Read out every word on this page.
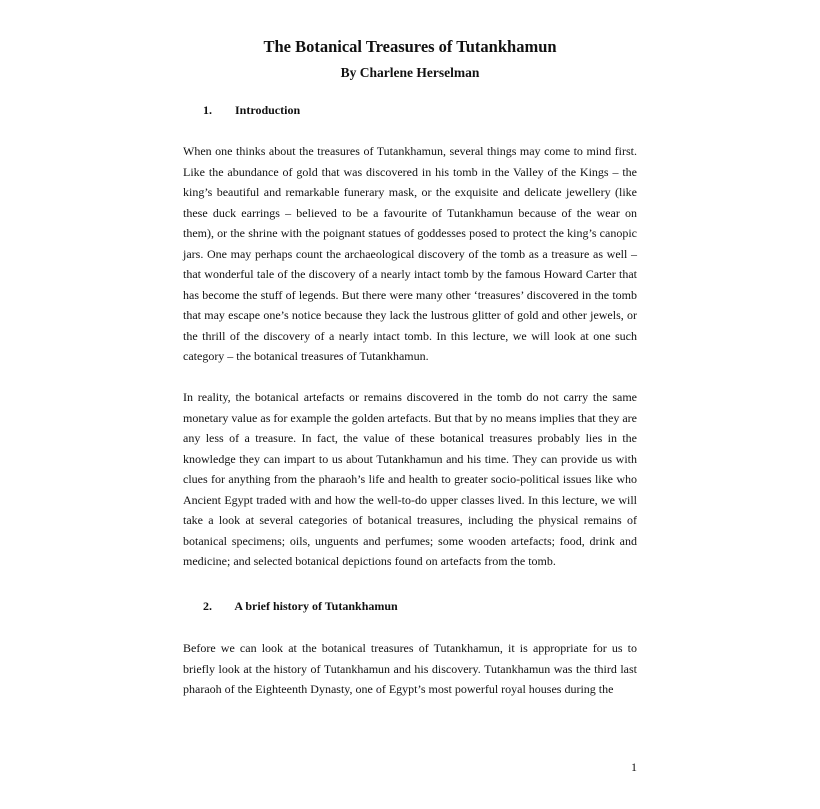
The Botanical Treasures of Tutankhamun
By Charlene Herselman
1. Introduction

When one thinks about the treasures of Tutankhamun, several things may come to mind first. Like the abundance of gold that was discovered in his tomb in the Valley of the Kings – the king’s beautiful and remarkable funerary mask, or the exquisite and delicate jewellery (like these duck earrings – believed to be a favourite of Tutankhamun because of the wear on them), or the shrine with the poignant statues of goddesses posed to protect the king’s canopic jars. One may perhaps count the archaeological discovery of the tomb as a treasure as well – that wonderful tale of the discovery of a nearly intact tomb by the famous Howard Carter that has become the stuff of legends. But there were many other ‘treasures’ discovered in the tomb that may escape one’s notice because they lack the lustrous glitter of gold and other jewels, or the thrill of the discovery of a nearly intact tomb. In this lecture, we will look at one such category – the botanical treasures of Tutankhamun.

In reality, the botanical artefacts or remains discovered in the tomb do not carry the same monetary value as for example the golden artefacts. But that by no means implies that they are any less of a treasure. In fact, the value of these botanical treasures probably lies in the knowledge they can impart to us about Tutankhamun and his time. They can provide us with clues for anything from the pharaoh’s life and health to greater socio-political issues like who Ancient Egypt traded with and how the well-to-do upper classes lived. In this lecture, we will take a look at several categories of botanical treasures, including the physical remains of botanical specimens; oils, unguents and perfumes; some wooden artefacts; food, drink and medicine; and selected botanical depictions found on artefacts from the tomb.

2. A brief history of Tutankhamun

Before we can look at the botanical treasures of Tutankhamun, it is appropriate for us to briefly look at the history of Tutankhamun and his discovery. Tutankhamun was the third last pharaoh of the Eighteenth Dynasty, one of Egypt’s most powerful royal houses during the

1
